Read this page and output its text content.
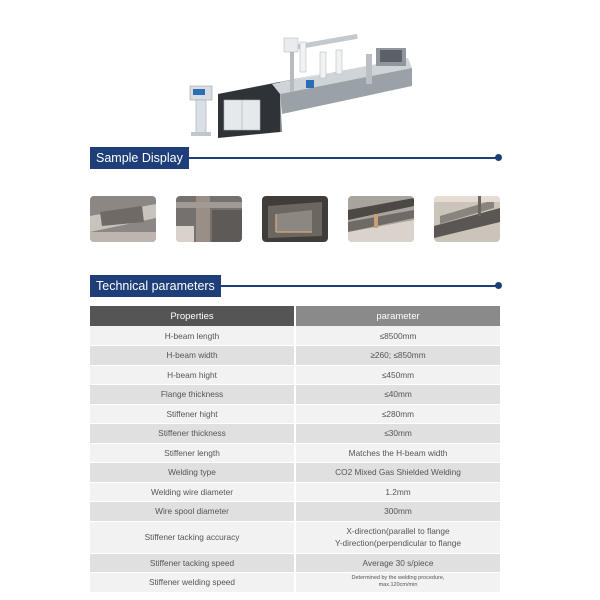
Sample Display
Technical parameters
Properties	parameter
H-beam length	≤8500mm
H-beam width	≥260; ≤850mm
H-beam hight	≤450mm
Flange thickness	≤40mm
Stiffener hight	≤280mm
Stiffener thickness	≤30mm
Stiffener length	Matches the H-beam width
Welding type	CO2 Mixed Gas Shielded Welding
Welding wire diameter	1.2mm
Wire spool diameter	300mm
Stiffener tacking accuracy	X-direction(parallel to flange
Y-direction(perpendicular to flange

Stiffener tacking speed	Average 30 s/piece
Stiffener welding speed	Determined by the welding procedure,
max.120cm/min
